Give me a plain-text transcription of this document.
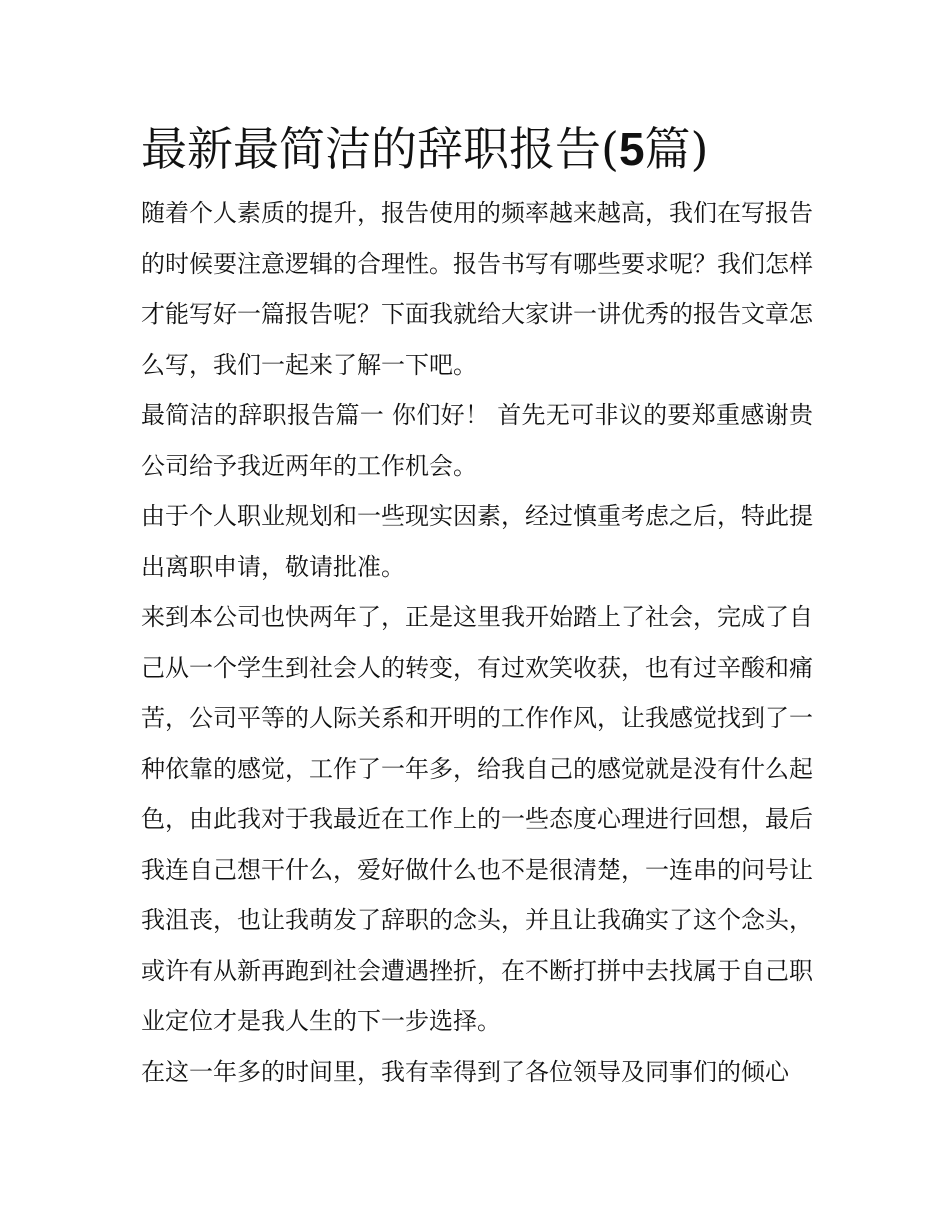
最新最简洁的辞职报告(5篇)

随着个人素质的提升，报告使用的频率越来越高，我们在写报告的时候要注意逻辑的合理性。报告书写有哪些要求呢？我们怎样才能写好一篇报告呢？下面我就给大家讲一讲优秀的报告文章怎么写，我们一起来了解一下吧。

最简洁的辞职报告篇一 你们好！ 首先无可非议的要郑重感谢贵公司给予我近两年的工作机会。

由于个人职业规划和一些现实因素，经过慎重考虑之后，特此提出离职申请，敬请批准。

来到本公司也快两年了，正是这里我开始踏上了社会，完成了自己从一个学生到社会人的转变，有过欢笑收获，也有过辛酸和痛苦，公司平等的人际关系和开明的工作作风，让我感觉找到了一种依靠的感觉，工作了一年多，给我自己的感觉就是没有什么起色，由此我对于我最近在工作上的一些态度心理进行回想，最后我连自己想干什么，爱好做什么也不是很清楚，一连串的问号让我沮丧，也让我萌发了辞职的念头，并且让我确实了这个念头，或许有从新再跑到社会遭遇挫折，在不断打拼中去找属于自己职业定位才是我人生的下一步选择。

在这一年多的时间里，我有幸得到了各位领导及同事们的倾心
